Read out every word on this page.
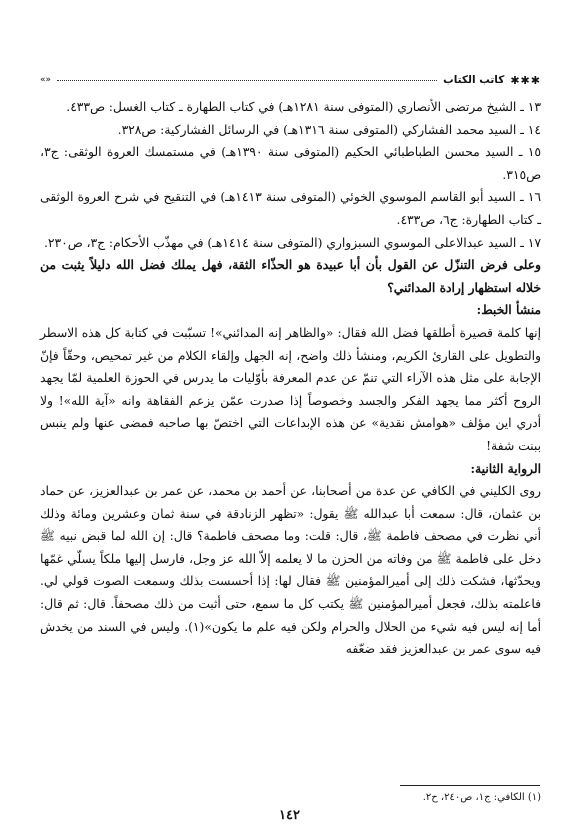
✱✱✱
كاتب الكتاب
«»

١٣ ـ الشيخ مرتضى الأنصاري (المتوفى سنة ١٢٨١هـ) في كتاب الطهارة ـ كتاب الغسل: ص٤٣٣.

١٤ ـ السيد محمد الفشاركي (المتوفى سنة ١٣١٦هـ) في الرسائل الفشاركية: ص٣٢٨.

١٥ ـ السيد محسن الطباطبائي الحكيم (المتوفى سنة ١٣٩٠هـ) في مستمسك العروة الوثقى: ج٣، ص٣١٥.

١٦ ـ السيد أبو القاسم الموسوي الخوئي (المتوفى سنة ١٤١٣هـ) في التنقيح في شرح العروة الوثقى ـ كتاب الطهارة: ج٦، ص٤٣٣.

١٧ ـ السيد عبدالاعلى الموسوي السبزواري (المتوفى سنة ١٤١٤هـ) في مهذّب الأحكام: ج٣، ص٢٣٠.

وعلى فرض التنزّل عن القول بأن أبا عبيدة هو الحذّاء الثقة، فهل يملك فضل الله دليلاً يثبت من خلاله استظهار إرادة المدائني؟

منشأ الخبط:

إنها كلمة قصيرة أطلقها فضل الله فقال: «والظاهر إنه المدائني»! تسبّبت في كتابة كل هذه الاسطر والتطويل على القارئ الكريم، ومنشأ ذلك واضح، إنه الجهل وإلقاء الكلام من غير تمحيص، وحقّاً فإنّ الإجابة على مثل هذه الآراء التي تنمّ عن عدم المعرفة بأوّليات ما يدرس في الحوزة العلمية لمّا يجهد الروح أكثر مما يجهد الفكر والجسد وخصوصاً إذا صدرت عمّن يزعم الفقاهة وانه «آية الله»! ولا أدري اين مؤلف «هوامش نقدية» عن هذه الإبداعات التي اختصّ بها صاحبه فمضى عنها ولم ينبس ببنت شفة!

الرواية الثانية:

روى الكليني في الكافي عن عدة من أصحابنا، عن أحمد بن محمد، عن عمر بن عبدالعزيز، عن حماد بن عثمان، قال: سمعت أبا عبدالله ﷺ يقول: «تظهر الزنادقة في سنة ثمان وعشرين ومائة وذلك أني نظرت في مصحف فاطمة ﷺ، قال: قلت: وما مصحف فاطمة؟ قال: إن الله لما قبض نبيه ﷺ دخل على فاطمة ﷺ من وفاته من الحزن ما لا يعلمه إلاّ الله عز وجل، فارسل إليها ملكاً يسلّي غمّها ويحدّثها، فشكت ذلك إلى أميرالمؤمنين ﷺ فقال لها: إذا أحسست بذلك وسمعت الصوت قولي لي. فاعلمته بذلك، فجعل أميرالمؤمنين ﷺ يكتب كل ما سمع، حتى أثبت من ذلك مصحفاً. قال: ثم قال: أما إنه ليس فيه شيء من الحلال والحرام ولكن فيه علم ما يكون»(١). وليس في السند من يخدش فيه سوى عمر بن عبدالعزيز فقد ضعّفه

(١) الكافي: ج١، ص٢٤٠، ح٢.
١٤٢
